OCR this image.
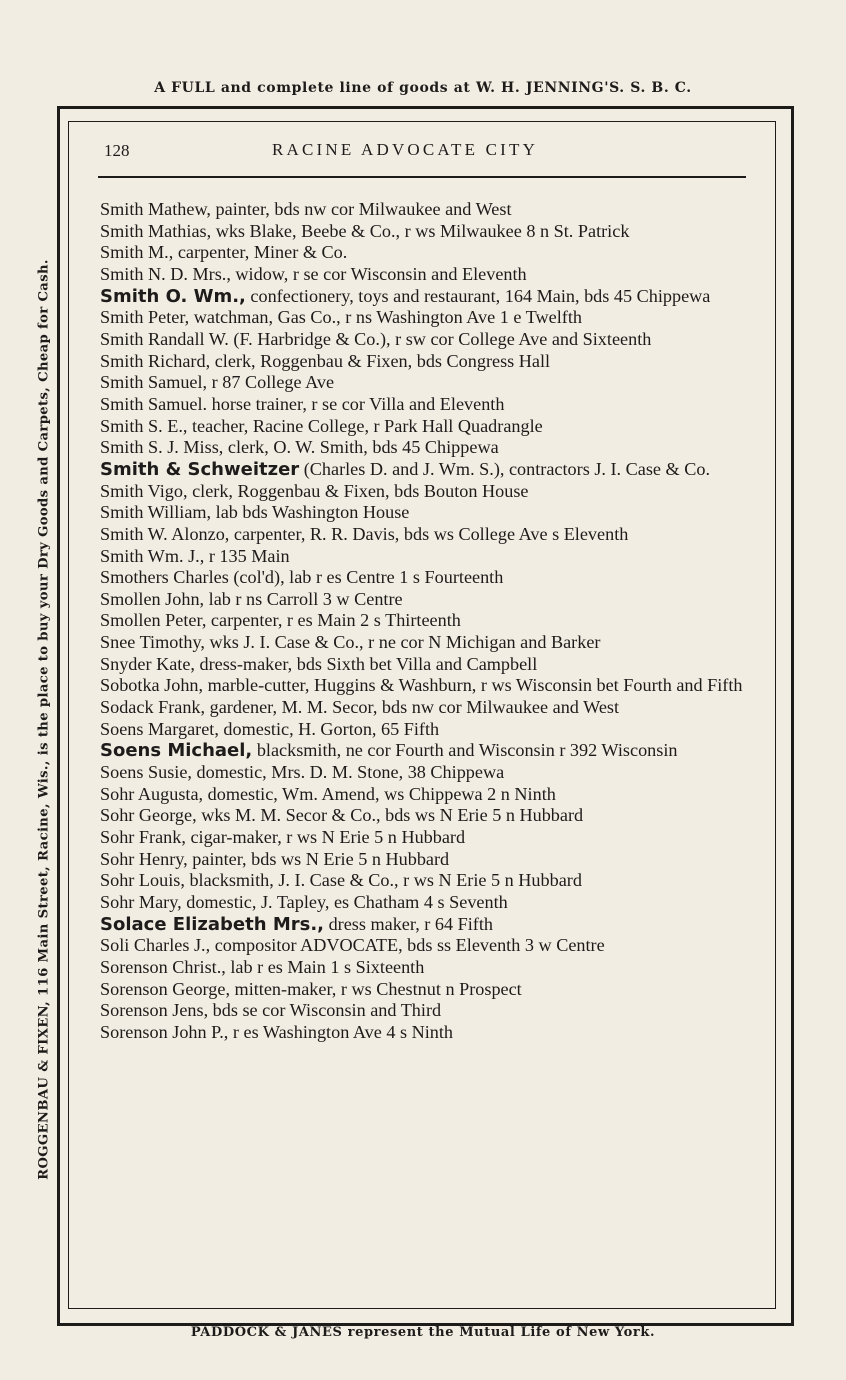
A FULL and complete line of goods at W. H. JENNING'S. S. B. C.
ROGGENBAU & FIXEN, 116 Main Street, Racine, Wis., is the place to buy your Dry Goods and Carpets, Cheap for Cash.
128	RACINE ADVOCATE CITY
Smith Mathew, painter, bds nw cor Milwaukee and West
Smith Mathias, wks Blake, Beebe & Co., r ws Milwaukee 8 n St. Patrick
Smith M., carpenter, Miner & Co.
Smith N. D. Mrs., widow, r se cor Wisconsin and Eleventh
Smith O. Wm., confectionery, toys and restaurant, 164 Main, bds 45 Chippewa
Smith Peter, watchman, Gas Co., r ns Washington Ave 1 e Twelfth
Smith Randall W. (F. Harbridge & Co.), r sw cor College Ave and Sixteenth
Smith Richard, clerk, Roggenbau & Fixen, bds Congress Hall
Smith Samuel, r 87 College Ave
Smith Samuel. horse trainer, r se cor Villa and Eleventh
Smith S. E., teacher, Racine College, r Park Hall Quadrangle
Smith S. J. Miss, clerk, O. W. Smith, bds 45 Chippewa
Smith & Schweitzer (Charles D. and J. Wm. S.), contractors J. I. Case & Co.
Smith Vigo, clerk, Roggenbau & Fixen, bds Bouton House
Smith William, lab bds Washington House
Smith W. Alonzo, carpenter, R. R. Davis, bds ws College Ave s Eleventh
Smith Wm. J., r 135 Main
Smothers Charles (col'd), lab r es Centre 1 s Fourteenth
Smollen John, lab r ns Carroll 3 w Centre
Smollen Peter, carpenter, r es Main 2 s Thirteenth
Snee Timothy, wks J. I. Case & Co., r ne cor N Michigan and Barker
Snyder Kate, dress-maker, bds Sixth bet Villa and Campbell
Sobotka John, marble-cutter, Huggins & Washburn, r ws Wisconsin bet Fourth and Fifth
Sodack Frank, gardener, M. M. Secor, bds nw cor Milwaukee and West
Soens Margaret, domestic, H. Gorton, 65 Fifth
Soens Michael, blacksmith, ne cor Fourth and Wisconsin r 392 Wisconsin
Soens Susie, domestic, Mrs. D. M. Stone, 38 Chippewa
Sohr Augusta, domestic, Wm. Amend, ws Chippewa 2 n Ninth
Sohr George, wks M. M. Secor & Co., bds ws N Erie 5 n Hubbard
Sohr Frank, cigar-maker, r ws N Erie 5 n Hubbard
Sohr Henry, painter, bds ws N Erie 5 n Hubbard
Sohr Louis, blacksmith, J. I. Case & Co., r ws N Erie 5 n Hubbard
Sohr Mary, domestic, J. Tapley, es Chatham 4 s Seventh
Solace Elizabeth Mrs., dress maker, r 64 Fifth
Soli Charles J., compositor ADVOCATE, bds ss Eleventh 3 w Centre
Sorenson Christ., lab r es Main 1 s Sixteenth
Sorenson George, mitten-maker, r ws Chestnut n Prospect
Sorenson Jens, bds se cor Wisconsin and Third
Sorenson John P., r es Washington Ave 4 s Ninth
PADDOCK & JANES represent the Mutual Life of New York.
